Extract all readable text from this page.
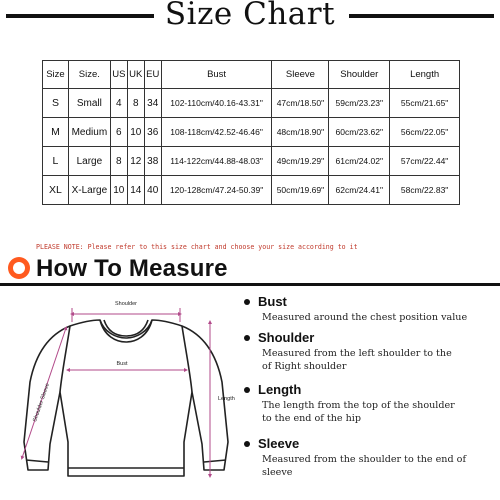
Size Chart
Size	Size.	US	UK	EU	Bust	Sleeve	Shoulder	Length
S	Small	4	8	34	102-110cm/40.16-43.31"	47cm/18.50"	59cm/23.23"	55cm/21.65"
M	Medium	6	10	36	108-118cm/42.52-46.46"	48cm/18.90"	60cm/23.62"	56cm/22.05"
L	Large	8	12	38	114-122cm/44.88-48.03"	49cm/19.29"	61cm/24.02"	57cm/22.44"
XL	X-Large	10	14	40	120-128cm/47.24-50.39"	50cm/19.69"	62cm/24.41"	58cm/22.83"
PLEASE NOTE: Please refer to this size chart and choose your size according to it
How To Measure
Shoulder
Bust
Length
Shoulder Sleeve
Bust
Measured around the chest position value
Shoulder
Measured from the left shoulder to the of Right shoulder
Length
The length from the top of the shoulder to the end of the hip
Sleeve
Measured from the shoulder to the end of sleeve
